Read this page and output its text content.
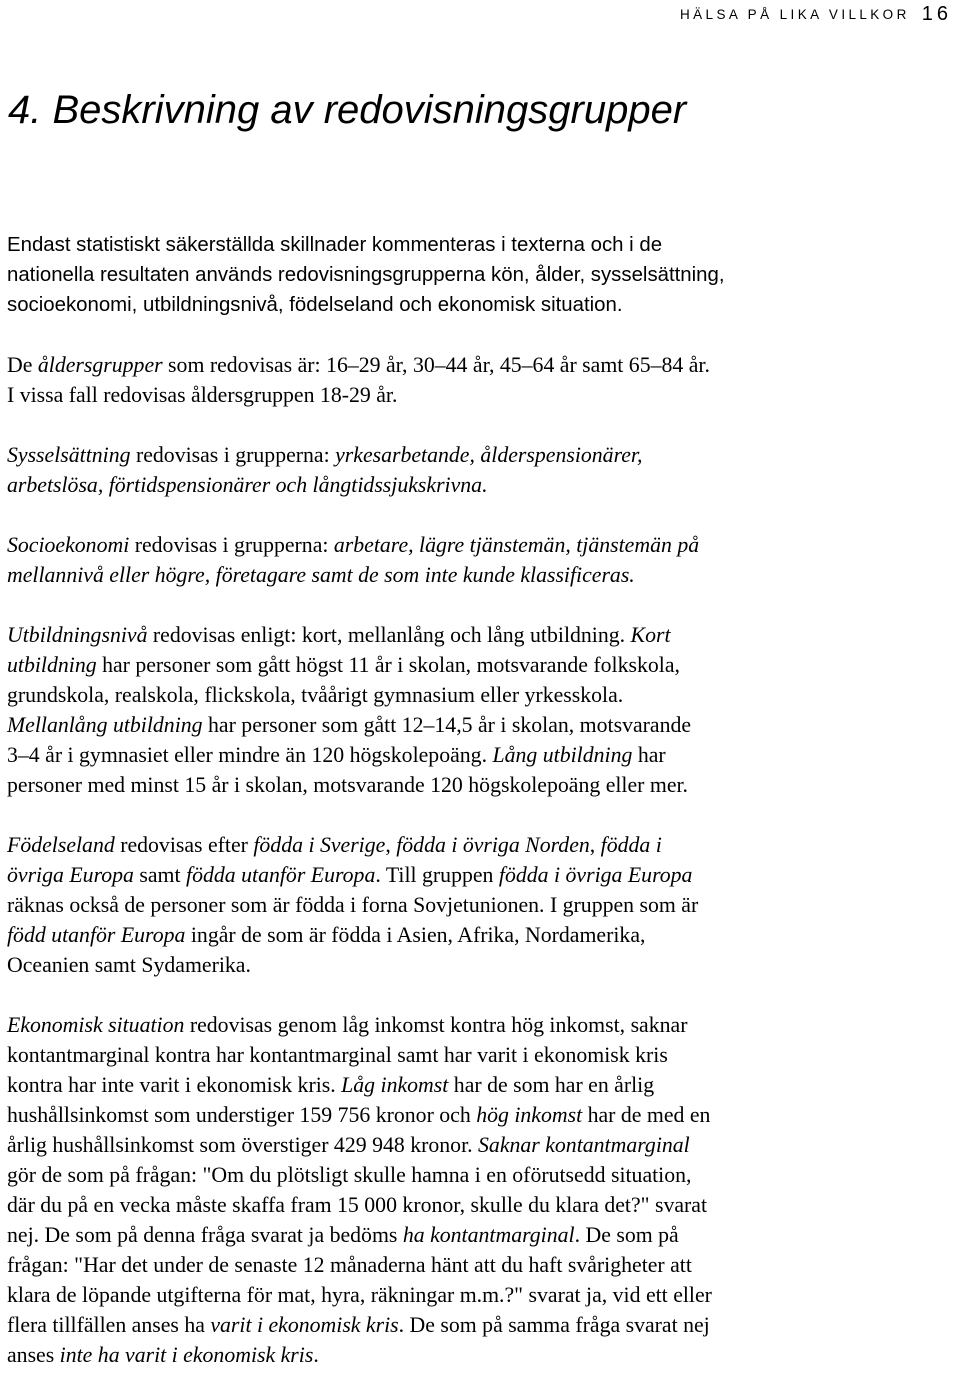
HÄLSA PÅ LIKA VILLKOR 16
4. Beskrivning av redovisningsgrupper

Endast statistiskt säkerställda skillnader kommenteras i texterna och i de
nationella resultaten används redovisningsgrupperna kön, ålder, sysselsättning,
socioekonomi, utbildningsnivå, födelseland och ekonomisk situation.

De åldersgrupper som redovisas är: 16–29 år, 30–44 år, 45–64 år samt 65–84 år.
I vissa fall redovisas åldersgruppen 18-29 år.

Sysselsättning redovisas i grupperna: yrkesarbetande, ålderspensionärer,
arbetslösa, förtidspensionärer och långtidssjukskrivna.

Socioekonomi redovisas i grupperna: arbetare, lägre tjänstemän, tjänstemän på
mellannivå eller högre, företagare samt de som inte kunde klassificeras.

Utbildningsnivå redovisas enligt: kort, mellanlång och lång utbildning. Kort
utbildning har personer som gått högst 11 år i skolan, motsvarande folkskola,
grundskola, realskola, flickskola, tvåårigt gymnasium eller yrkesskola.
Mellanlång utbildning har personer som gått 12–14,5 år i skolan, motsvarande
3–4 år i gymnasiet eller mindre än 120 högskolepoäng. Lång utbildning har
personer med minst 15 år i skolan, motsvarande 120 högskolepoäng eller mer.

Födelseland redovisas efter födda i Sverige, födda i övriga Norden, födda i
övriga Europa samt födda utanför Europa. Till gruppen födda i övriga Europa
räknas också de personer som är födda i forna Sovjetunionen. I gruppen som är
född utanför Europa ingår de som är födda i Asien, Afrika, Nordamerika,
Oceanien samt Sydamerika.

Ekonomisk situation redovisas genom låg inkomst kontra hög inkomst, saknar
kontantmarginal kontra har kontantmarginal samt har varit i ekonomisk kris
kontra har inte varit i ekonomisk kris. Låg inkomst har de som har en årlig
hushållsinkomst som understiger 159 756 kronor och hög inkomst har de med en
årlig hushållsinkomst som överstiger 429 948 kronor. Saknar kontantmarginal
gör de som på frågan: "Om du plötsligt skulle hamna i en oförutsedd situation,
där du på en vecka måste skaffa fram 15 000 kronor, skulle du klara det?" svarat
nej. De som på denna fråga svarat ja bedöms ha kontantmarginal. De som på
frågan: "Har det under de senaste 12 månaderna hänt att du haft svårigheter att
klara de löpande utgifterna för mat, hyra, räkningar m.m.?" svarat ja, vid ett eller
flera tillfällen anses ha varit i ekonomisk kris. De som på samma fråga svarat nej
anses inte ha varit i ekonomisk kris.
